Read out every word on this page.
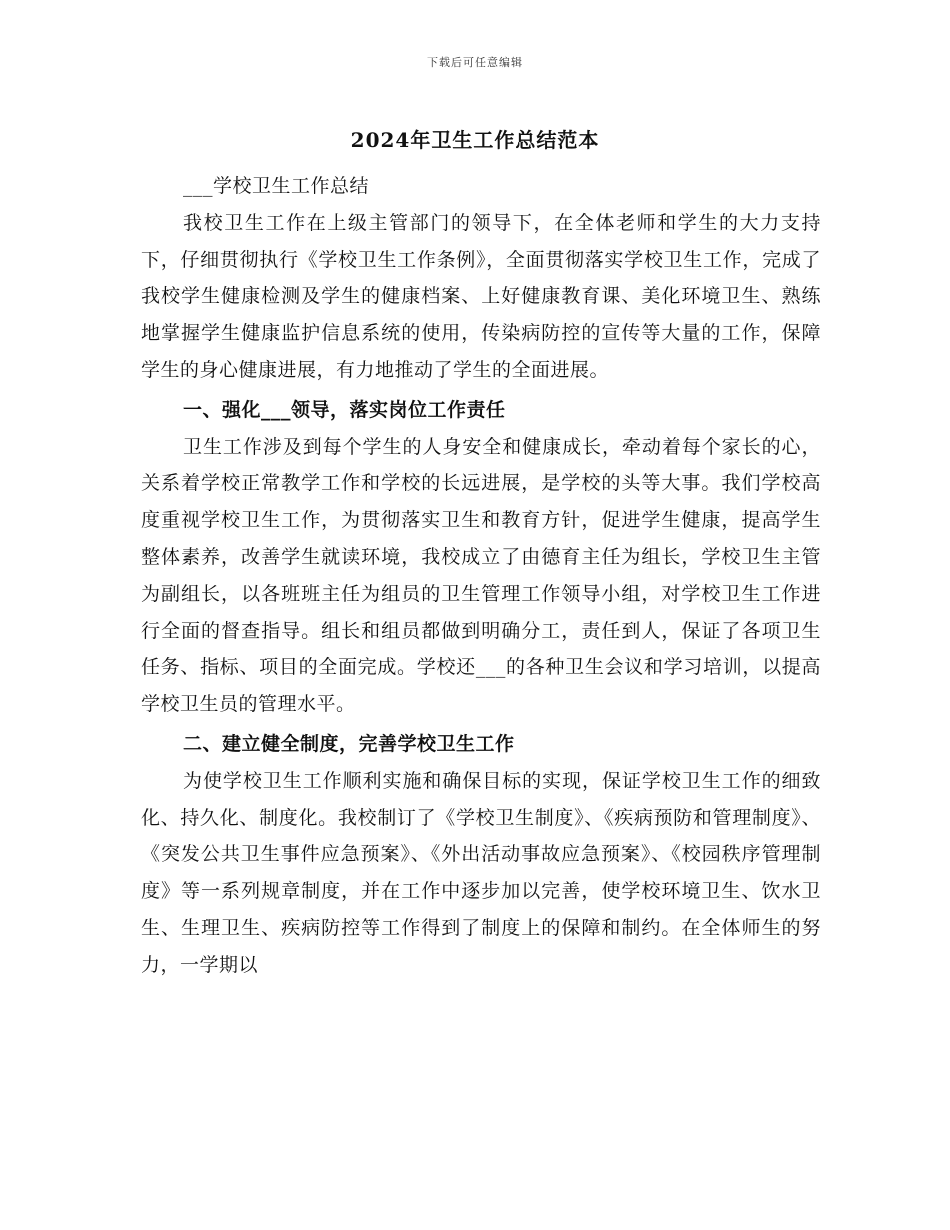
下载后可任意编辑
2024年卫生工作总结范本

___学校卫生工作总结

我校卫生工作在上级主管部门的领导下，在全体老师和学生的大力支持下，仔细贯彻执行《学校卫生工作条例》，全面贯彻落实学校卫生工作，完成了我校学生健康检测及学生的健康档案、上好健康教育课、美化环境卫生、熟练地掌握学生健康监护信息系统的使用，传染病防控的宣传等大量的工作，保障学生的身心健康进展，有力地推动了学生的全面进展。

一、强化___领导，落实岗位工作责任

卫生工作涉及到每个学生的人身安全和健康成长，牵动着每个家长的心，关系着学校正常教学工作和学校的长远进展，是学校的头等大事。我们学校高度重视学校卫生工作，为贯彻落实卫生和教育方针，促进学生健康，提高学生整体素养，改善学生就读环境，我校成立了由德育主任为组长，学校卫生主管为副组长，以各班班主任为组员的卫生管理工作领导小组，对学校卫生工作进行全面的督查指导。组长和组员都做到明确分工，责任到人，保证了各项卫生任务、指标、项目的全面完成。学校还___的各种卫生会议和学习培训，以提高学校卫生员的管理水平。

二、建立健全制度，完善学校卫生工作

为使学校卫生工作顺利实施和确保目标的实现，保证学校卫生工作的细致化、持久化、制度化。我校制订了《学校卫生制度》、《疾病预防和管理制度》、《突发公共卫生事件应急预案》、《外出活动事故应急预案》、《校园秩序管理制度》等一系列规章制度，并在工作中逐步加以完善，使学校环境卫生、饮水卫生、生理卫生、疾病防控等工作得到了制度上的保障和制约。在全体师生的努力，一学期以
